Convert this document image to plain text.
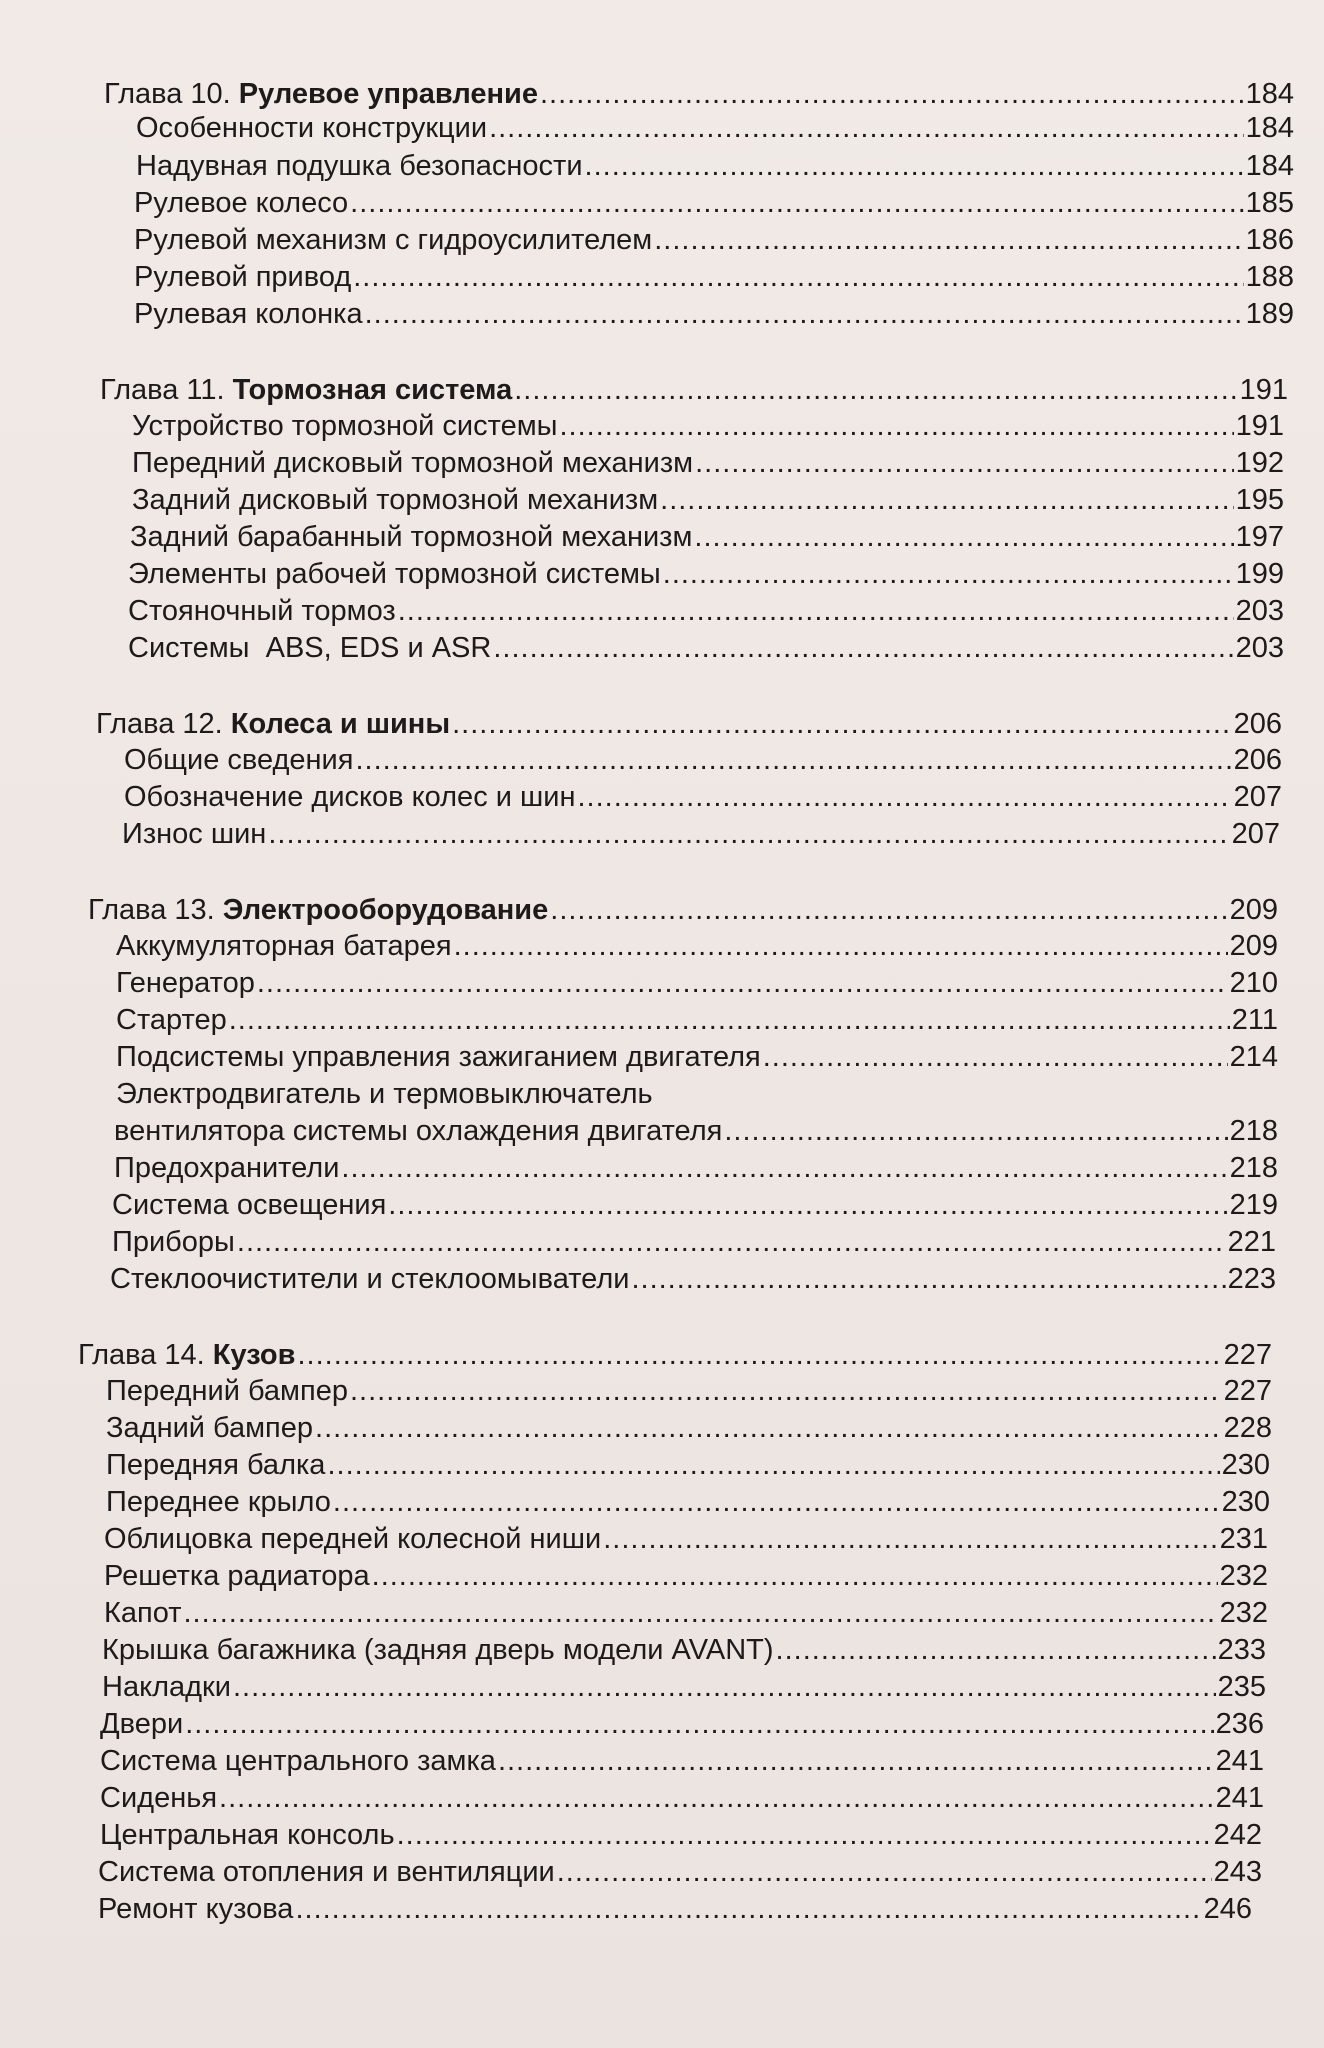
Глава 10. Рулевое управление .....	184
Особенности конструкции .....	184
Надувная подушка безопасности .....	184
Рулевое колесо .....	185
Рулевой механизм с гидроусилителем .....	186
Рулевой привод .....	188
Рулевая колонка .....	189
Глава 11. Тормозная система .....	191
Устройство тормозной системы .....	191
Передний дисковый тормозной механизм .....	192
Задний дисковый тормозной механизм .....	195
Задний барабанный тормозной механизм .....	197
Элементы рабочей тормозной системы .....	199
Стояночный тормоз .....	203
Системы  ABS, EDS и ASR .....	203
Глава 12. Колеса и шины .....	206
Общие сведения .....	206
Обозначение дисков колес и шин .....	207
Износ шин .....	207
Глава 13. Электрооборудование .....	209
Аккумуляторная батарея .....	209
Генератор .....	210
Стартер .....	211
Подсистемы управления зажиганием двигателя .....	214
Электродвигатель и термовыключатель
вентилятора системы охлаждения двигателя .....	218
Предохранители .....	218
Система освещения .....	219
Приборы .....	221
Стеклоочистители и стеклоомыватели .....	223
Глава 14. Кузов .....	227
Передний бампер .....	227
Задний бампер .....	228
Передняя балка .....	230
Переднее крыло .....	230
Облицовка передней колесной ниши .....	231
Решетка радиатора .....	232
Капот .....	232
Крышка багажника (задняя дверь модели AVANT) .....	233
Накладки .....	235
Двери .....	236
Система центрального замка .....	241
Сиденья .....	241
Центральная консоль .....	242
Система отопления и вентиляции .....	243
Ремонт кузова .....	246
